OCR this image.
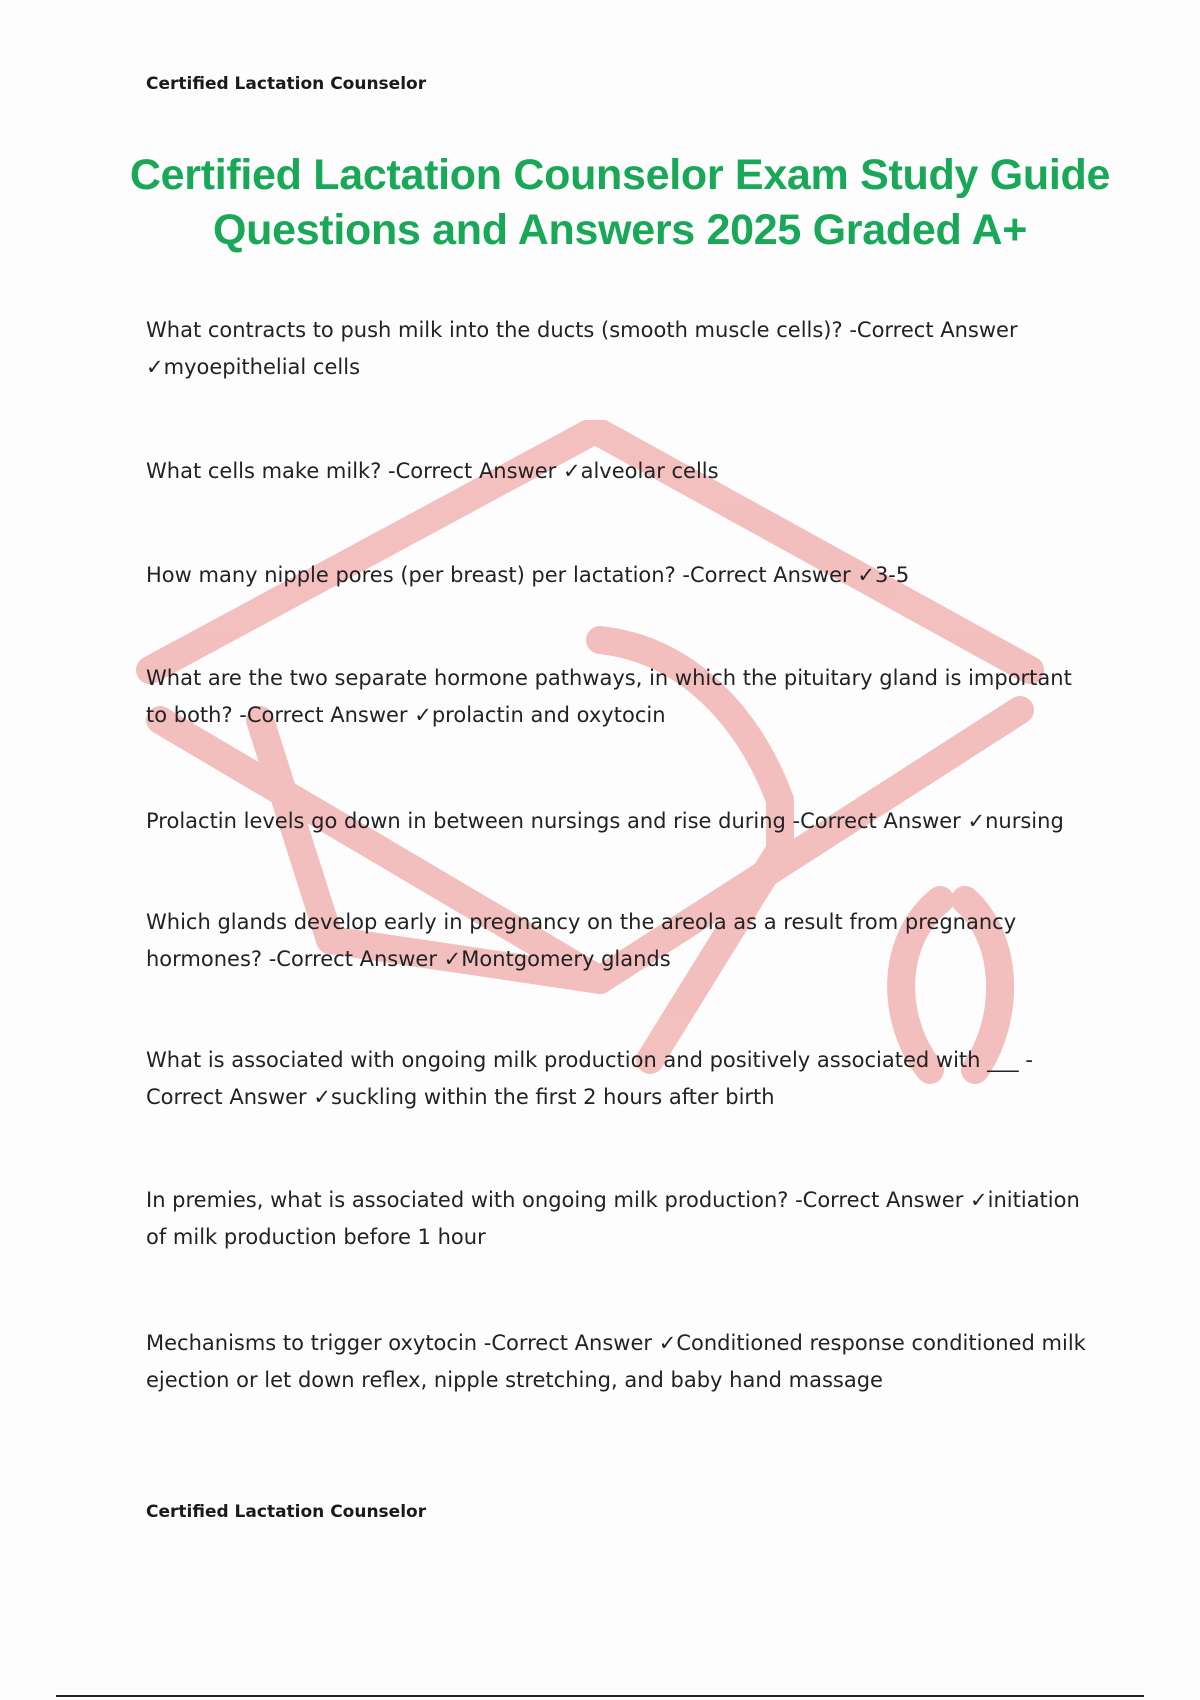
Certified Lactation Counselor
Certified Lactation Counselor Exam Study Guide
Questions and Answers 2025 Graded A+

What contracts to push milk into the ducts (smooth muscle cells)? -Correct Answer ✓myoepithelial cells

What cells make milk? -Correct Answer ✓alveolar cells

How many nipple pores (per breast) per lactation? -Correct Answer ✓3-5

What are the two separate hormone pathways, in which the pituitary gland is important to both? -Correct Answer ✓prolactin and oxytocin

Prolactin levels go down in between nursings and rise during -Correct Answer ✓nursing

Which glands develop early in pregnancy on the areola as a result from pregnancy hormones? -Correct Answer ✓Montgomery glands

What is associated with ongoing milk production and positively associated with ___ - Correct Answer ✓suckling within the first 2 hours after birth

In premies, what is associated with ongoing milk production? -Correct Answer ✓initiation of milk production before 1 hour

Mechanisms to trigger oxytocin -Correct Answer ✓Conditioned response conditioned milk ejection or let down reflex, nipple stretching, and baby hand massage

Certified Lactation Counselor
